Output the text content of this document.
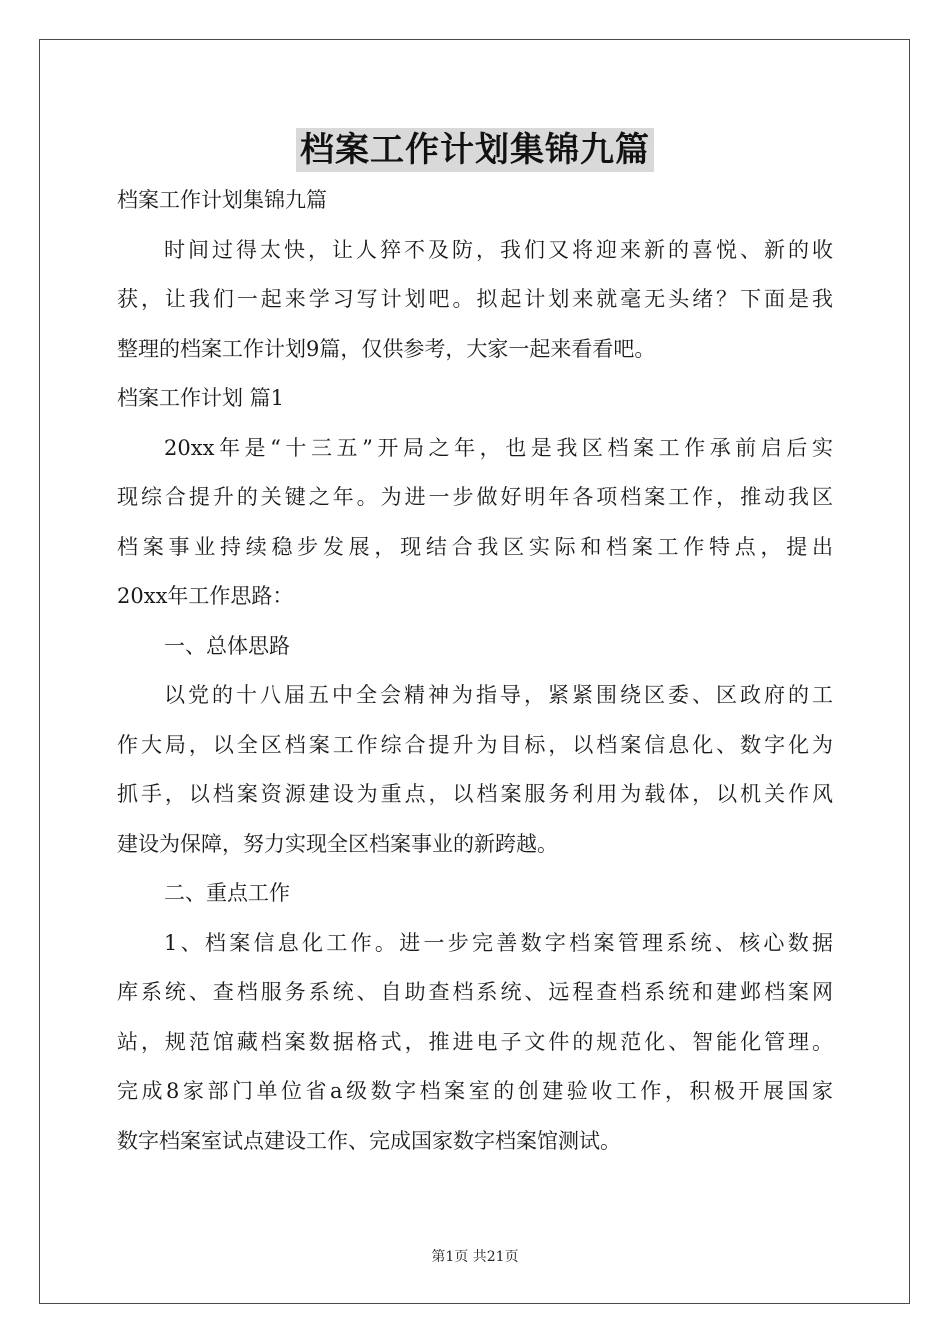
档案工作计划集锦九篇
档案工作计划集锦九篇
时间过得太快，让人猝不及防，我们又将迎来新的喜悦、新的收
获，让我们一起来学习写计划吧。拟起计划来就毫无头绪？下面是我
整理的档案工作计划9篇，仅供参考，大家一起来看看吧。
档案工作计划 篇1
20xx年是“十三五”开局之年，也是我区档案工作承前启后实
现综合提升的关键之年。为进一步做好明年各项档案工作，推动我区
档案事业持续稳步发展，现结合我区实际和档案工作特点，提出
20xx年工作思路：
一、总体思路
以党的十八届五中全会精神为指导，紧紧围绕区委、区政府的工
作大局，以全区档案工作综合提升为目标，以档案信息化、数字化为
抓手，以档案资源建设为重点，以档案服务利用为载体，以机关作风
建设为保障，努力实现全区档案事业的新跨越。
二、重点工作
1、档案信息化工作。进一步完善数字档案管理系统、核心数据
库系统、查档服务系统、自助查档系统、远程查档系统和建邺档案网
站，规范馆藏档案数据格式，推进电子文件的规范化、智能化管理。
完成8家部门单位省a级数字档案室的创建验收工作，积极开展国家
数字档案室试点建设工作、完成国家数字档案馆测试。
第1页 共21页
